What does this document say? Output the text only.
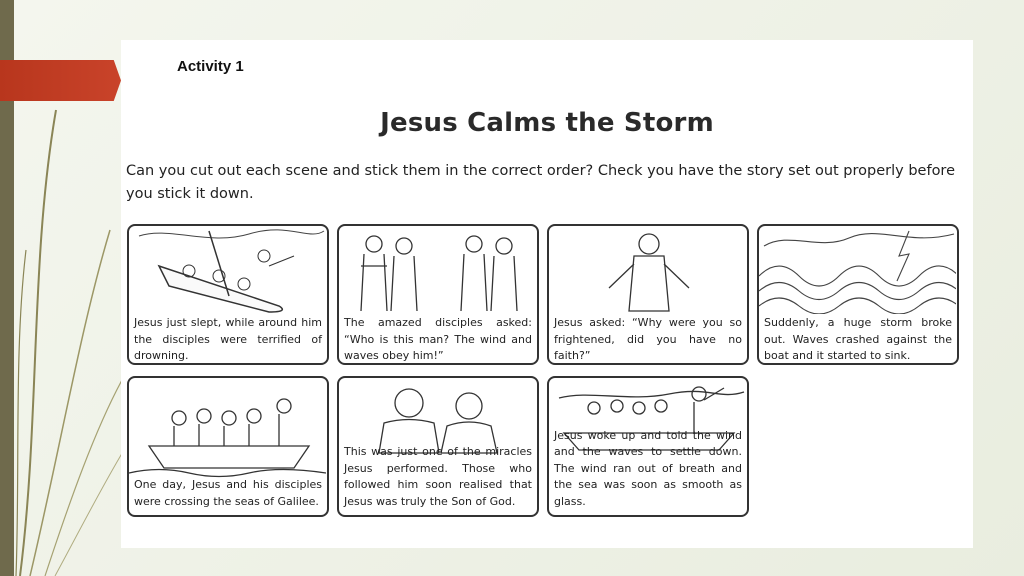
Activity 1
Jesus Calms the Storm
Can you cut out each scene and stick them in the correct order? Check you have the story set out properly before you stick it down.
Jesus just slept, while around him the disciples were terrified of drowning.
The amazed disciples asked: “Who is this man? The wind and waves obey him!”
Jesus asked: “Why were you so frightened, did you have no faith?”
Suddenly, a huge storm broke out. Waves crashed against the boat and it started to sink.
One day, Jesus and his disciples were crossing the seas of Galilee.
This was just one of the miracles Jesus performed. Those who followed him soon realised that Jesus was truly the Son of God.
Jesus woke up and told the wind and the waves to settle down. The wind ran out of breath and the sea was soon as smooth as glass.
